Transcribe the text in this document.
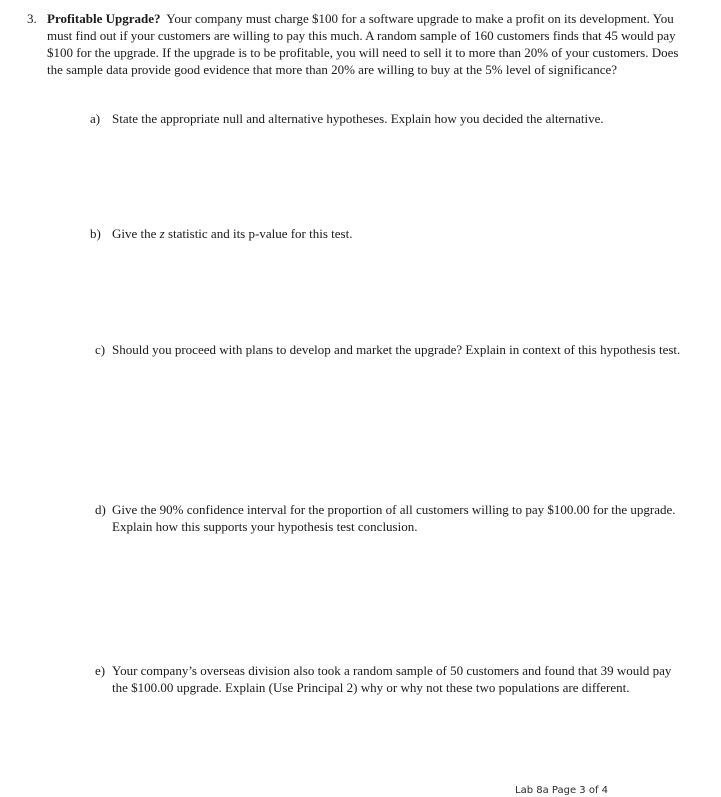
3. Profitable Upgrade? Your company must charge $100 for a software upgrade to make a profit on its development. You must find out if your customers are willing to pay this much. A random sample of 160 customers finds that 45 would pay $100 for the upgrade. If the upgrade is to be profitable, you will need to sell it to more than 20% of your customers. Does the sample data provide good evidence that more than 20% are willing to buy at the 5% level of significance?

a) State the appropriate null and alternative hypotheses. Explain how you decided the alternative.
b) Give the z statistic and its p-value for this test.
c) Should you proceed with plans to develop and market the upgrade? Explain in context of this hypothesis test.
d) Give the 90% confidence interval for the proportion of all customers willing to pay $100.00 for the upgrade. Explain how this supports your hypothesis test conclusion.
e) Your company’s overseas division also took a random sample of 50 customers and found that 39 would pay the $100.00 upgrade. Explain (Use Principal 2) why or why not these two populations are different.
Lab 8a Page 3 of 4
